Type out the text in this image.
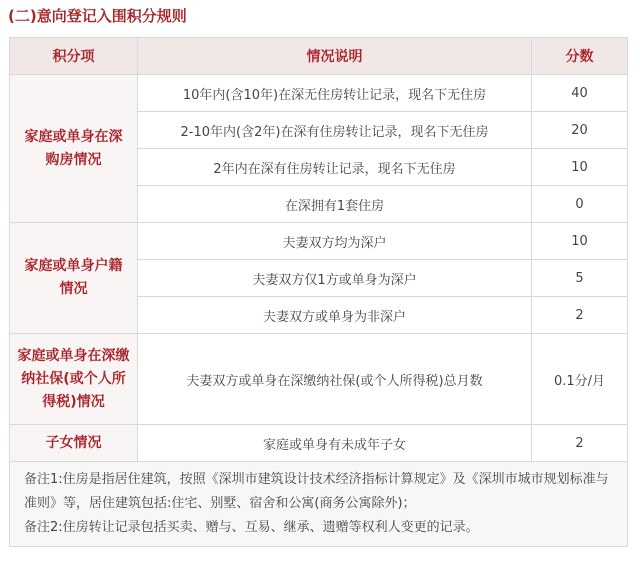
(二)意向登记入围积分规则
积分项	情况说明	分数
家庭或单身在深购房情况	10年内(含10年)在深无住房转让记录，现名下无住房	40
	2-10年内(含2年)在深有住房转让记录，现名下无住房	20
	2年内在深有住房转让记录，现名下无住房	10
	在深拥有1套住房	0
家庭或单身户籍情况	夫妻双方均为深户	10
	夫妻双方仅1方或单身为深户	5
	夫妻双方或单身为非深户	2
家庭或单身在深缴纳社保(或个人所得税)情况	夫妻双方或单身在深缴纳社保(或个人所得税)总月数	0.1分/月
子女情况	家庭或单身有未成年子女	2

备注1:住房是指居住建筑，按照《深圳市建筑设计技术经济指标计算规定》及《深圳市城市规划标准与准则》等，居住建筑包括:住宅、别墅、宿舍和公寓(商务公寓除外)；
备注2:住房转让记录包括买卖、赠与、互易、继承、遗赠等权利人变更的记录。		
